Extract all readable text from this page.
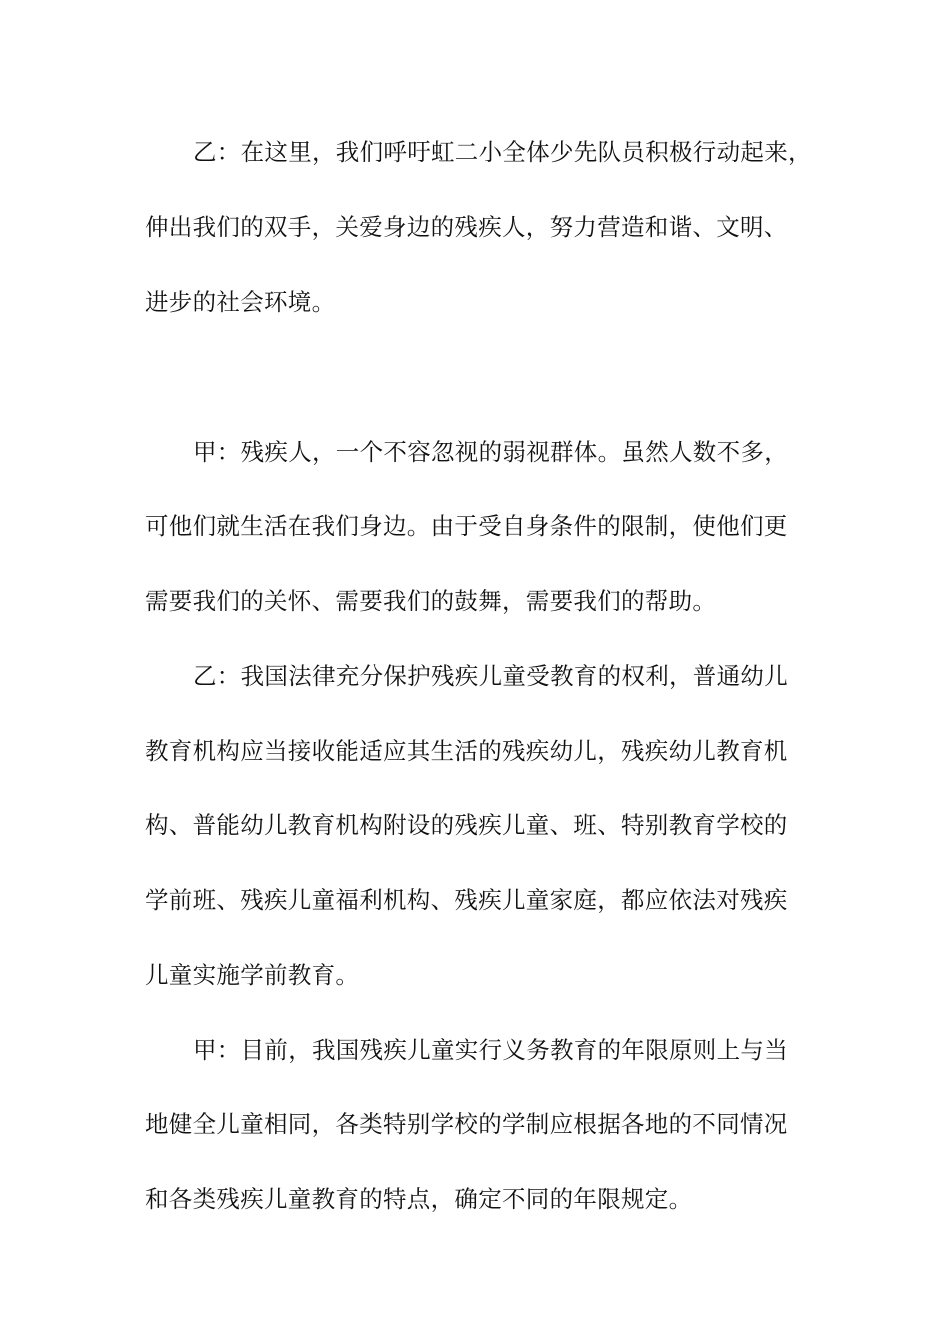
乙：在这里，我们呼吁虹二小全体少先队员积极行动起来，
伸出我们的双手，关爱身边的残疾人，努力营造和谐、文明、
进步的社会环境。
甲：残疾人，一个不容忽视的弱视群体。虽然人数不多，
可他们就生活在我们身边。由于受自身条件的限制，使他们更
需要我们的关怀、需要我们的鼓舞，需要我们的帮助。
乙：我国法律充分保护残疾儿童受教育的权利，普通幼儿
教育机构应当接收能适应其生活的残疾幼儿，残疾幼儿教育机
构、普能幼儿教育机构附设的残疾儿童、班、特别教育学校的
学前班、残疾儿童福利机构、残疾儿童家庭，都应依法对残疾
儿童实施学前教育。
甲：目前，我国残疾儿童实行义务教育的年限原则上与当
地健全儿童相同，各类特别学校的学制应根据各地的不同情况
和各类残疾儿童教育的特点，确定不同的年限规定。
